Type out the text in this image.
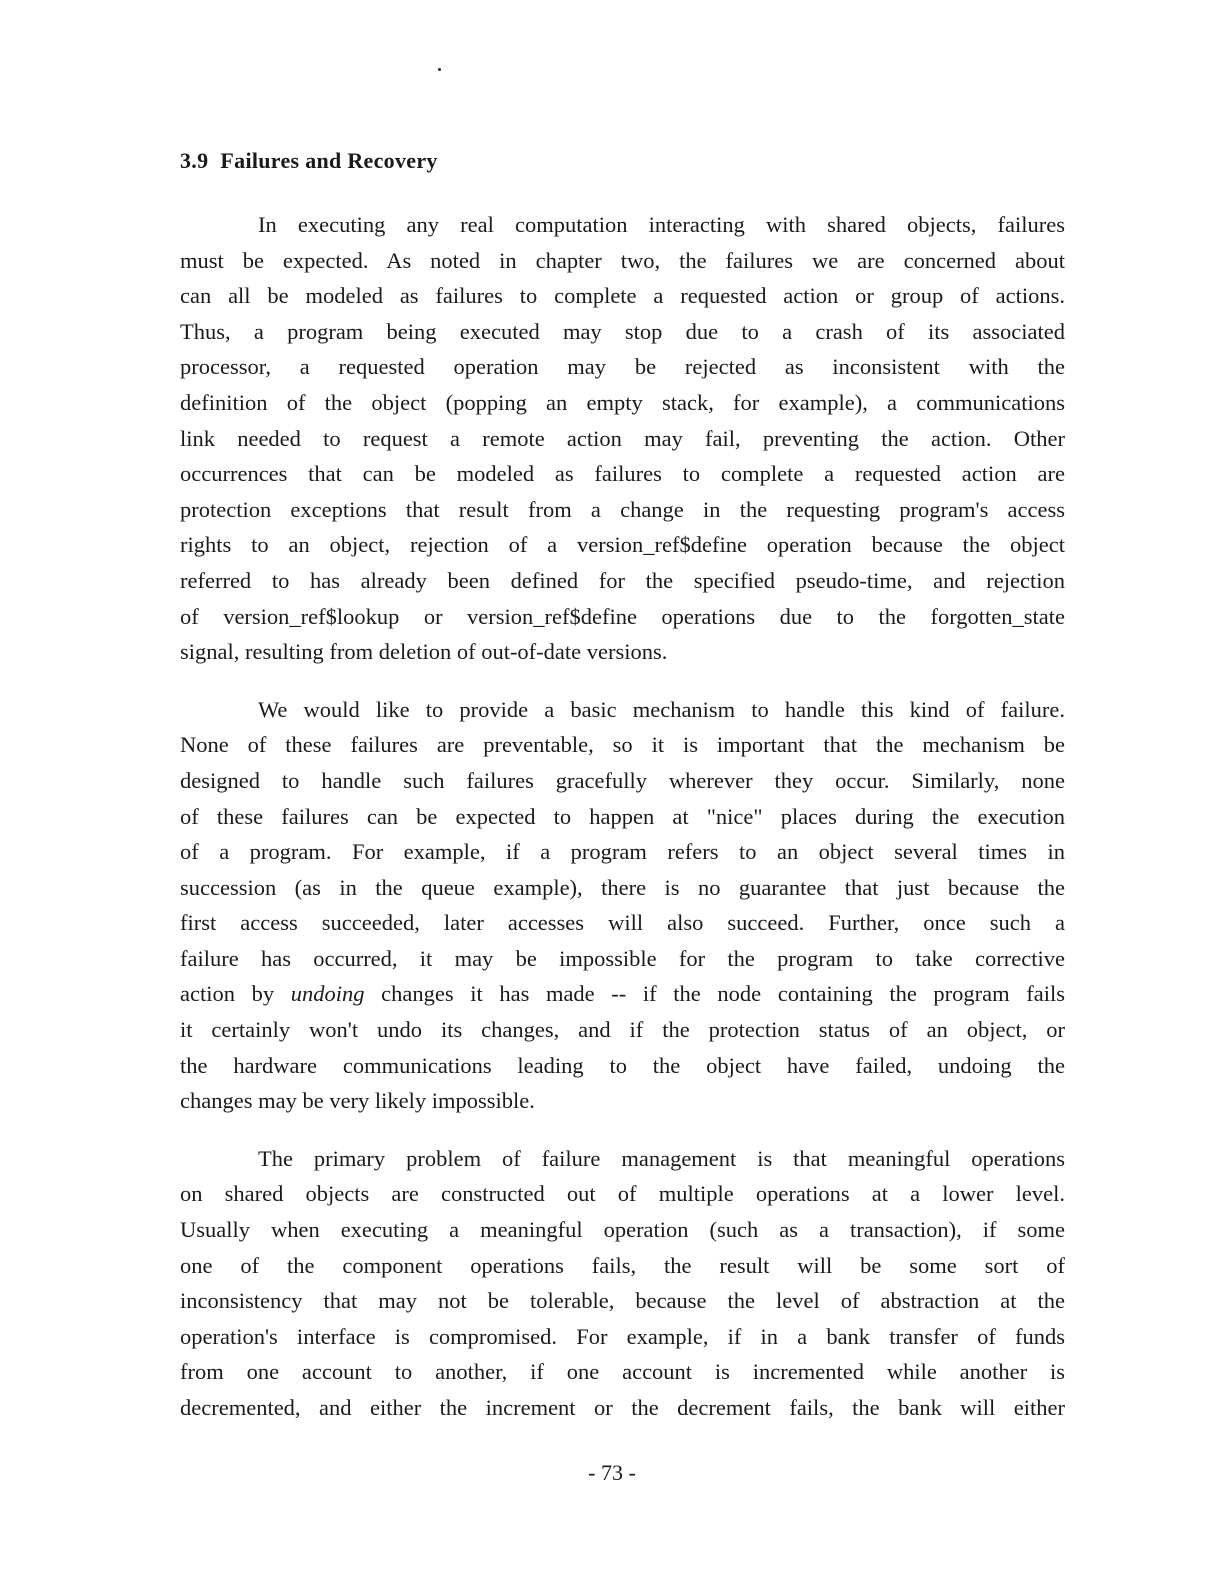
3.9 Failures and Recovery

In executing any real computation interacting with shared objects, failures
must be expected. As noted in chapter two, the failures we are concerned about
can all be modeled as failures to complete a requested action or group of actions.
Thus, a program being executed may stop due to a crash of its associated
processor, a requested operation may be rejected as inconsistent with the
definition of the object (popping an empty stack, for example), a communications
link needed to request a remote action may fail, preventing the action. Other
occurrences that can be modeled as failures to complete a requested action are
protection exceptions that result from a change in the requesting program's access
rights to an object, rejection of a version_ref$define operation because the object
referred to has already been defined for the specified pseudo-time, and rejection
of version_ref$lookup or version_ref$define operations due to the forgotten_state
signal, resulting from deletion of out-of-date versions.

We would like to provide a basic mechanism to handle this kind of failure.
None of these failures are preventable, so it is important that the mechanism be
designed to handle such failures gracefully wherever they occur. Similarly, none
of these failures can be expected to happen at "nice" places during the execution
of a program. For example, if a program refers to an object several times in
succession (as in the queue example), there is no guarantee that just because the
first access succeeded, later accesses will also succeed. Further, once such a
failure has occurred, it may be impossible for the program to take corrective
action by undoing changes it has made -- if the node containing the program fails
it certainly won't undo its changes, and if the protection status of an object, or
the hardware communications leading to the object have failed, undoing the
changes may be very likely impossible.

The primary problem of failure management is that meaningful operations
on shared objects are constructed out of multiple operations at a lower level.
Usually when executing a meaningful operation (such as a transaction), if some
one of the component operations fails, the result will be some sort of
inconsistency that may not be tolerable, because the level of abstraction at the
operation's interface is compromised. For example, if in a bank transfer of funds
from one account to another, if one account is incremented while another is
decremented, and either the increment or the decrement fails, the bank will either

- 73 -
